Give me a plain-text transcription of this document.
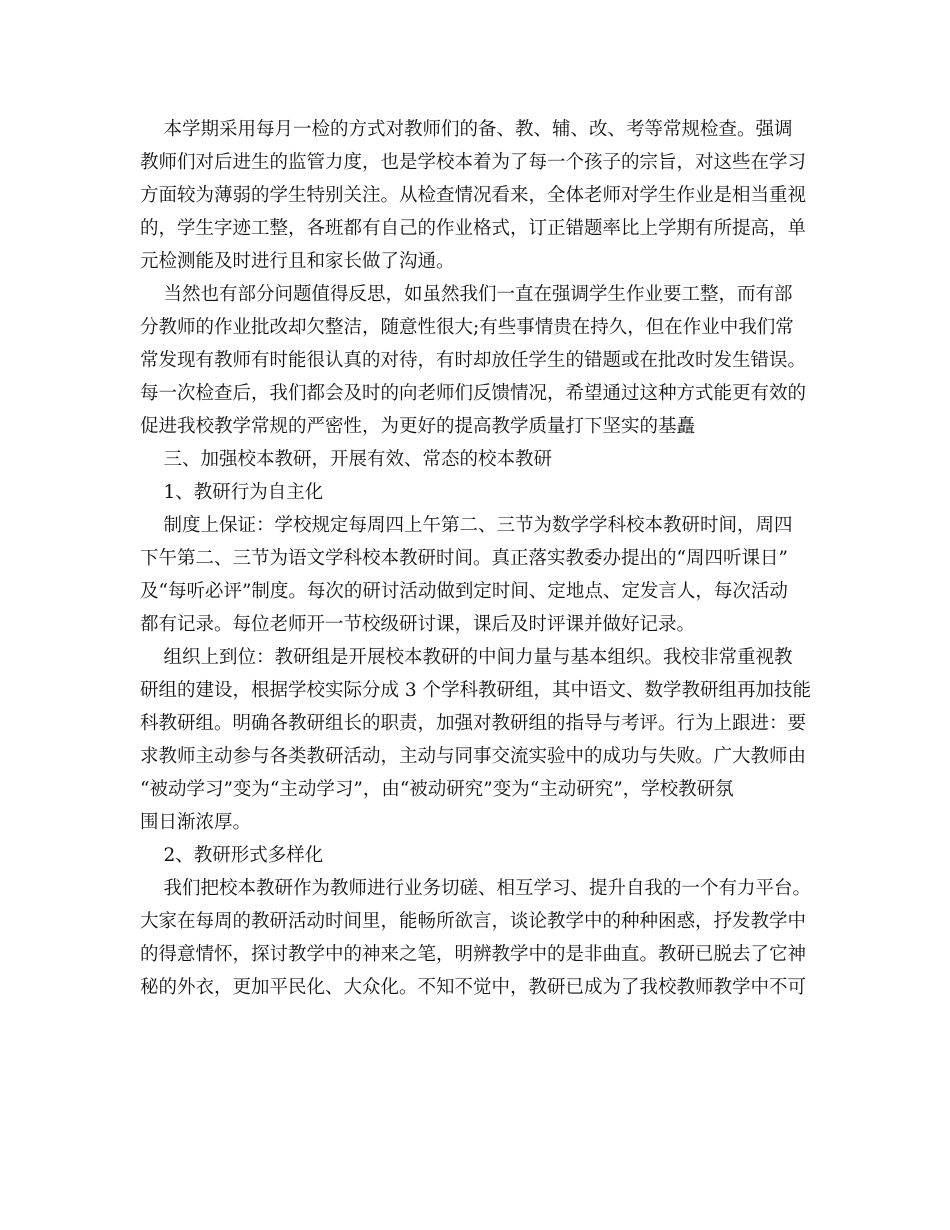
本学期采用每月一检的方式对教师们的备、教、辅、改、考等常规检查。强调
教师们对后进生的监管力度，也是学校本着为了每一个孩子的宗旨，对这些在学习
方面较为薄弱的学生特别关注。从检查情况看来，全体老师对学生作业是相当重视
的，学生字迹工整，各班都有自己的作业格式，订正错题率比上学期有所提高，单
元检测能及时进行且和家长做了沟通。
当然也有部分问题值得反思，如虽然我们一直在强调学生作业要工整，而有部
分教师的作业批改却欠整洁，随意性很大;有些事情贵在持久，但在作业中我们常
常发现有教师有时能很认真的对待，有时却放任学生的错题或在批改时发生错误。
每一次检查后，我们都会及时的向老师们反馈情况，希望通过这种方式能更有效的
促进我校教学常规的严密性，为更好的提高教学质量打下坚实的基矗
三、加强校本教研，开展有效、常态的校本教研
1、教研行为自主化
制度上保证：学校规定每周四上午第二、三节为数学学科校本教研时间，周四
下午第二、三节为语文学科校本教研时间。真正落实教委办提出的“周四听课日”
及“每听必评”制度。每次的研讨活动做到定时间、定地点、定发言人，每次活动
都有记录。每位老师开一节校级研讨课，课后及时评课并做好记录。
组织上到位：教研组是开展校本教研的中间力量与基本组织。我校非常重视教
研组的建设，根据学校实际分成 3 个学科教研组，其中语文、数学教研组再加技能
科教研组。明确各教研组长的职责，加强对教研组的指导与考评。行为上跟进：要
求教师主动参与各类教研活动，主动与同事交流实验中的成功与失败。广大教师由
“被动学习”变为“主动学习”，由“被动研究”变为“主动研究”，学校教研氛
围日渐浓厚。
2、教研形式多样化
我们把校本教研作为教师进行业务切磋、相互学习、提升自我的一个有力平台。
大家在每周的教研活动时间里，能畅所欲言，谈论教学中的种种困惑，抒发教学中
的得意情怀，探讨教学中的神来之笔，明辨教学中的是非曲直。教研已脱去了它神
秘的外衣，更加平民化、大众化。不知不觉中，教研已成为了我校教师教学中不可
